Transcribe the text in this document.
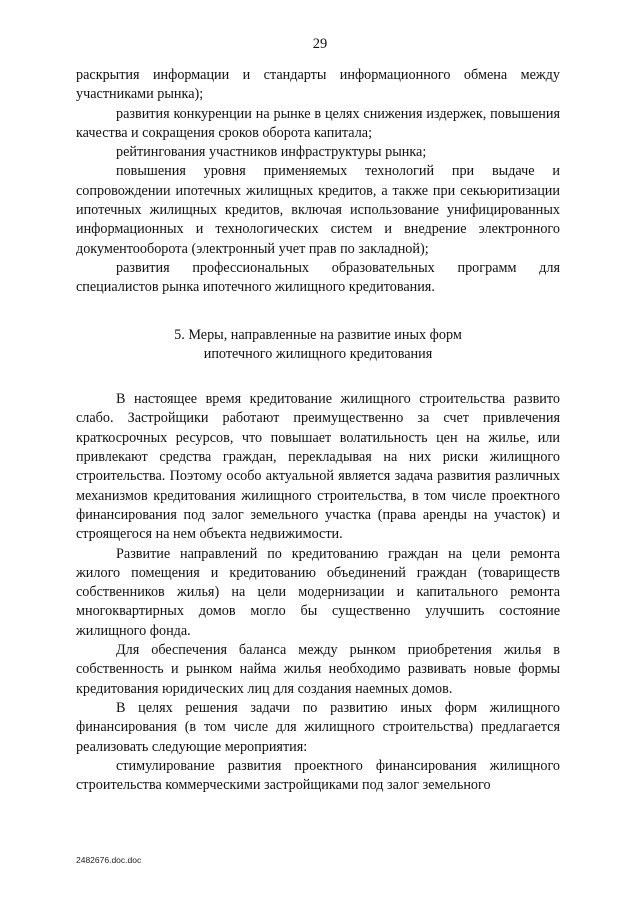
29

раскрытия информации и стандарты информационного обмена между участниками рынка);

развития конкуренции на рынке в целях снижения издержек, повышения качества и сокращения сроков оборота капитала;

рейтингования участников инфраструктуры рынка;

повышения уровня применяемых технологий при выдаче и сопровождении ипотечных жилищных кредитов, а также при секьюритизации ипотечных жилищных кредитов, включая использование унифицированных информационных и технологических систем и внедрение электронного документооборота (электронный учет прав по закладной);

развития профессиональных образовательных программ для специалистов рынка ипотечного жилищного кредитования.

5. Меры, направленные на развитие иных форм
ипотечного жилищного кредитования

В настоящее время кредитование жилищного строительства развито слабо. Застройщики работают преимущественно за счет привлечения краткосрочных ресурсов, что повышает волатильность цен на жилье, или привлекают средства граждан, перекладывая на них риски жилищного строительства. Поэтому особо актуальной является задача развития различных механизмов кредитования жилищного строительства, в том числе проектного финансирования под залог земельного участка (права аренды на участок) и строящегося на нем объекта недвижимости.

Развитие направлений по кредитованию граждан на цели ремонта жилого помещения и кредитованию объединений граждан (товариществ собственников жилья) на цели модернизации и капитального ремонта многоквартирных домов могло бы существенно улучшить состояние жилищного фонда.

Для обеспечения баланса между рынком приобретения жилья в собственность и рынком найма жилья необходимо развивать новые формы кредитования юридических лиц для создания наемных домов.

В целях решения задачи по развитию иных форм жилищного финансирования (в том числе для жилищного строительства) предлагается реализовать следующие мероприятия:

стимулирование развития проектного финансирования жилищного строительства коммерческими застройщиками под залог земельного

2482676.doc.doc
